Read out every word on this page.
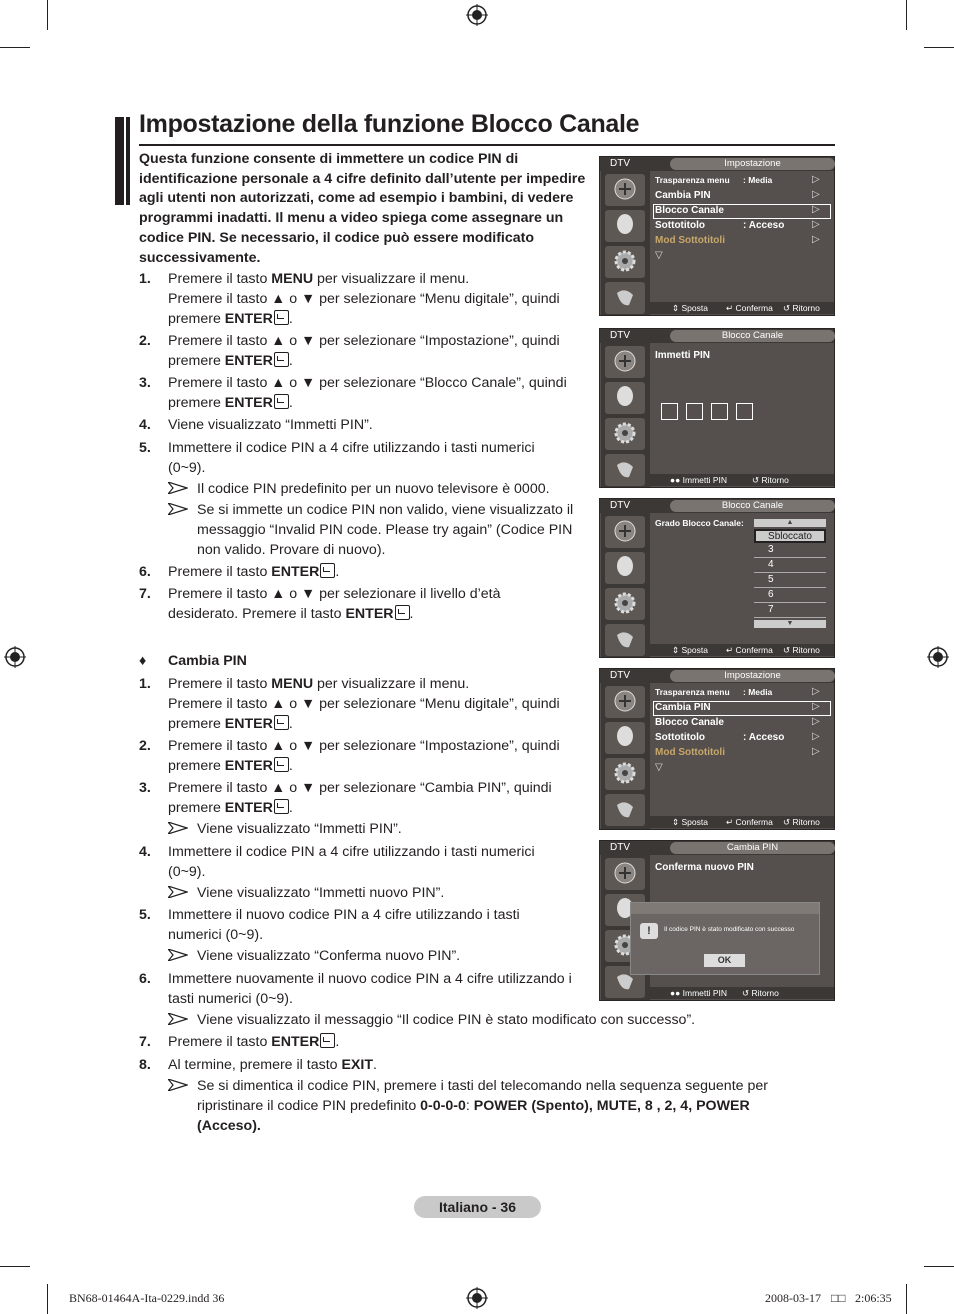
Impostazione della funzione Blocco Canale
Questa funzione consente di immettere un codice PIN di identificazione personale a 4 cifre definito dall’utente per impedire agli utenti non autorizzati, come ad esempio i bambini, di vedere programmi inadatti. Il menu a video spiega come assegnare un codice PIN. Se necessario, il codice può essere modificato successivamente.
1. Premere il tasto MENU per visualizzare il menu.
Premere il tasto ▲ o ▼ per selezionare “Menu digitale”, quindi
premere ENTER .
2. Premere il tasto ▲ o ▼ per selezionare “Impostazione”, quindi
premere ENTER .
3. Premere il tasto ▲ o ▼ per selezionare “Blocco Canale”, quindi
premere ENTER .
4. Viene visualizzato “Immetti PIN”.
5. Immettere il codice PIN a 4 cifre utilizzando i tasti numerici
(0~9).
Il codice PIN predefinito per un nuovo televisore è 0000.
Se si immette un codice PIN non valido, viene visualizzato il
messaggio “Invalid PIN code. Please try again” (Codice PIN
non valido. Provare di nuovo).
6. Premere il tasto ENTER .
7. Premere il tasto ▲ o ▼ per selezionare il livello d’età
desiderato. Premere il tasto ENTER .
♦ Cambia PIN
1. Premere il tasto MENU per visualizzare il menu.
Premere il tasto ▲ o ▼ per selezionare “Menu digitale”, quindi
premere ENTER .
2. Premere il tasto ▲ o ▼ per selezionare “Impostazione”, quindi
premere ENTER .
3. Premere il tasto ▲ o ▼ per selezionare “Cambia PIN”, quindi
premere ENTER .
Viene visualizzato “Immetti PIN”.
4. Immettere il codice PIN a 4 cifre utilizzando i tasti numerici
(0~9).
Viene visualizzato “Immetti nuovo PIN”.
5. Immettere il nuovo codice PIN a 4 cifre utilizzando i tasti
numerici (0~9).
Viene visualizzato “Conferma nuovo PIN”.
6. Immettere nuovamente il nuovo codice PIN a 4 cifre utilizzando i
tasti numerici (0~9).
Viene visualizzato il messaggio “Il codice PIN è stato modificato con successo”.
7. Premere il tasto ENTER .
8. Al termine, premere il tasto EXIT.
Se si dimentica il codice PIN, premere i tasti del telecomando nella sequenza seguente per
ripristinare il codice PIN predefinito 0-0-0-0: POWER (Spento), MUTE, 8 , 2, 4, POWER
(Acceso).
DTV	Impostazione
Trasparenza menu : Media	▷
Cambia PIN	▷
Blocco Canale	▷
Sottotitolo	: Acceso	▷
Mod Sottotitoli	▷
▽
⇕ Sposta ↵ Conferma ↺ Ritorno
DTV	Blocco Canale
Immetti PIN
●● Immetti PIN	↺ Ritorno
DTV	Blocco Canale
Grado Blocco Canale:	▲
Sbloccato
3
4
5
6
7
▼
⇕ Sposta ↵ Conferma ↺ Ritorno
DTV	Impostazione
Trasparenza menu : Media	▷
Cambia PIN	▷
Blocco Canale	▷
Sottotitolo	: Acceso	▷
Mod Sottotitoli	▷
▽
⇕ Sposta ↵ Conferma ↺ Ritorno
DTV	Cambia PIN
Conferma nuovo PIN
!	Il codice PIN è stato modificato con successo
OK
●● Immetti PIN ↺ Ritorno
Italiano - 36
BN68-01464A-Ita-0229.indd 36	2008-03-17 □□ 2:06:35
